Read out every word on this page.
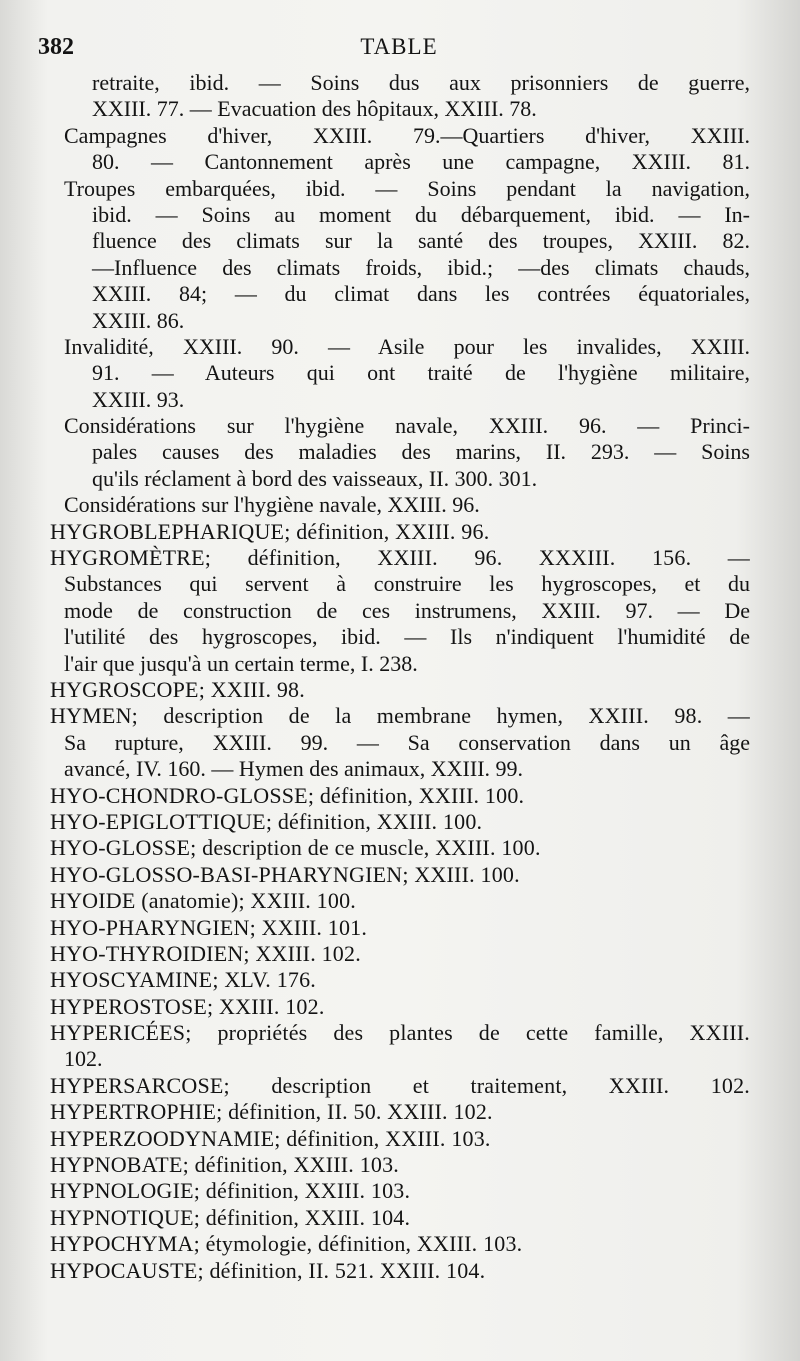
382	TABLE
retraite, ibid. — Soins dus aux prisonniers de guerre,
XXIII. 77. — Evacuation des hôpitaux, XXIII. 78.
Campagnes d'hiver, XXIII. 79.—Quartiers d'hiver, XXIII.
80. — Cantonnement après une campagne, XXIII. 81.
Troupes embarquées, ibid. — Soins pendant la navigation,
ibid. — Soins au moment du débarquement, ibid. — In-
fluence des climats sur la santé des troupes, XXIII. 82.
—Influence des climats froids, ibid.; —des climats chauds,
XXIII. 84; — du climat dans les contrées équatoriales,
XXIII. 86.
Invalidité, XXIII. 90. — Asile pour les invalides, XXIII.
91. — Auteurs qui ont traité de l'hygiène militaire,
XXIII. 93.
Considérations sur l'hygiène navale, XXIII. 96. — Princi-
pales causes des maladies des marins, II. 293. — Soins
qu'ils réclament à bord des vaisseaux, II. 300. 301.
Considérations sur l'hygiène navale, XXIII. 96.
HYGROBLEPHARIQUE; définition, XXIII. 96.
HYGROMÈTRE; définition, XXIII. 96. XXXIII. 156. —
Substances qui servent à construire les hygroscopes, et du
mode de construction de ces instrumens, XXIII. 97. — De
l'utilité des hygroscopes, ibid. — Ils n'indiquent l'humidité de
l'air que jusqu'à un certain terme, I. 238.
HYGROSCOPE; XXIII. 98.
HYMEN; description de la membrane hymen, XXIII. 98. —
Sa rupture, XXIII. 99. — Sa conservation dans un âge
avancé, IV. 160. — Hymen des animaux, XXIII. 99.
HYO-CHONDRO-GLOSSE; définition, XXIII. 100.
HYO-EPIGLOTTIQUE; définition, XXIII. 100.
HYO-GLOSSE; description de ce muscle, XXIII. 100.
HYO-GLOSSO-BASI-PHARYNGIEN; XXIII. 100.
HYOIDE (anatomie); XXIII. 100.
HYO-PHARYNGIEN; XXIII. 101.
HYO-THYROIDIEN; XXIII. 102.
HYOSCYAMINE; XLV. 176.
HYPEROSTOSE; XXIII. 102.
HYPERICÉES; propriétés des plantes de cette famille, XXIII.
102.
HYPERSARCOSE; description et traitement, XXIII. 102.
HYPERTROPHIE; définition, II. 50. XXIII. 102.
HYPERZOODYNAMIE; définition, XXIII. 103.
HYPNOBATE; définition, XXIII. 103.
HYPNOLOGIE; définition, XXIII. 103.
HYPNOTIQUE; définition, XXIII. 104.
HYPOCHYMA; étymologie, définition, XXIII. 103.
HYPOCAUSTE; définition, II. 521. XXIII. 104.
